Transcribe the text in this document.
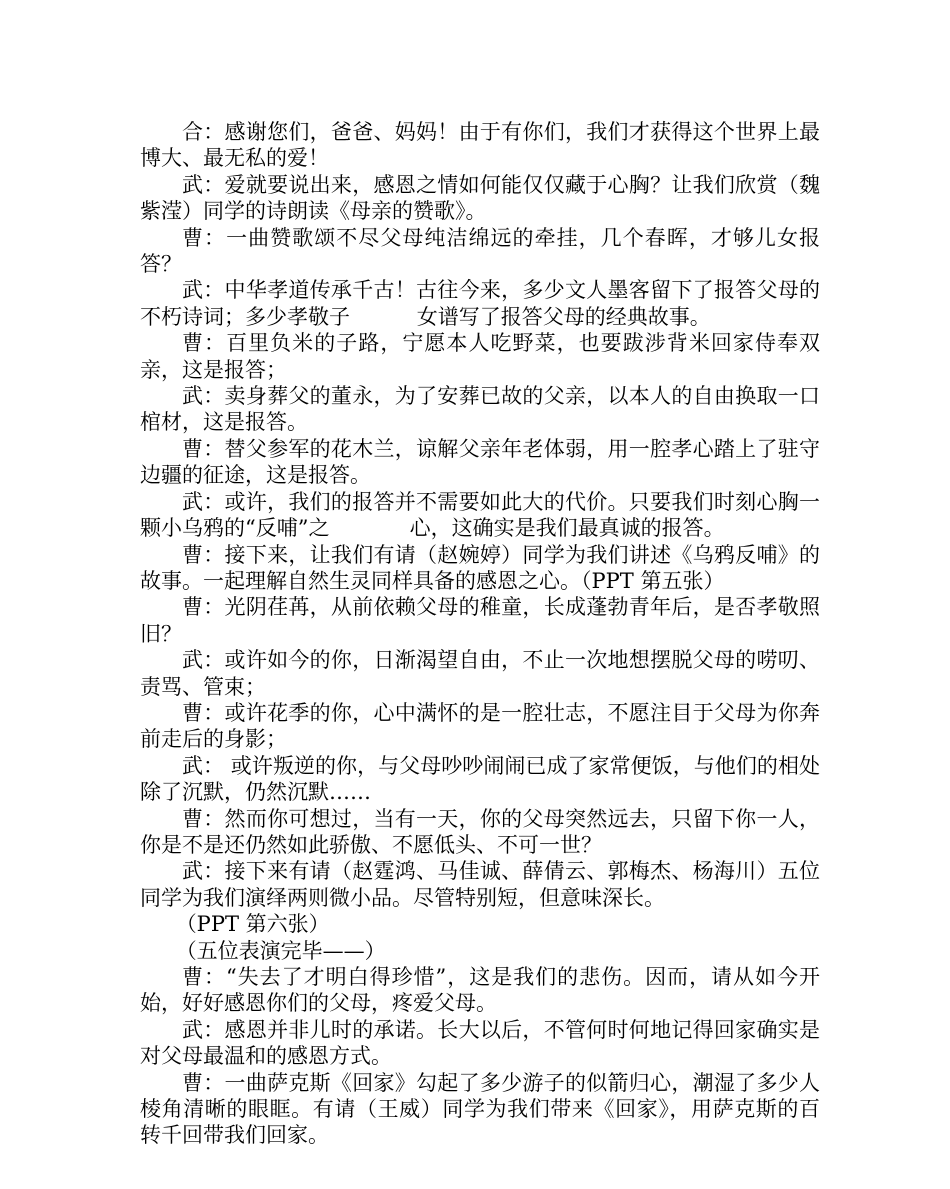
合：感谢您们，爸爸、妈妈！由于有你们，我们才获得这个世界上最博大、最无私的爱！

武：爱就要说出来，感恩之情如何能仅仅藏于心胸？让我们欣赏（魏紫滢）同学的诗朗读《母亲的赞歌》。

曹：一曲赞歌颂不尽父母纯洁绵远的牵挂，几个春晖，才够儿女报答？

武：中华孝道传承千古！古往今来，多少文人墨客留下了报答父母的不朽诗词；多少孝敬子          女谱写了报答父母的经典故事。

曹：百里负米的子路，宁愿本人吃野菜，也要跋涉背米回家侍奉双亲，这是报答；

武：卖身葬父的董永，为了安葬已故的父亲，以本人的自由换取一口棺材，这是报答。

曹：替父参军的花木兰，谅解父亲年老体弱，用一腔孝心踏上了驻守边疆的征途，这是报答。

武：或许，我们的报答并不需要如此大的代价。只要我们时刻心胸一颗小乌鸦的“反哺”之            心，这确实是我们最真诚的报答。

曹：接下来，让我们有请（赵婉婷）同学为我们讲述《乌鸦反哺》的故事。一起理解自然生灵同样具备的感恩之心。（PPT 第五张）

曹：光阴荏苒，从前依赖父母的稚童，长成蓬勃青年后，是否孝敬照旧？

武：或许如今的你，日渐渴望自由，不止一次地想摆脱父母的唠叨、责骂、管束；

曹：或许花季的你，心中满怀的是一腔壮志，不愿注目于父母为你奔前走后的身影；

武： 或许叛逆的你，与父母吵吵闹闹已成了家常便饭，与他们的相处除了沉默，仍然沉默……

曹：然而你可想过，当有一天，你的父母突然远去，只留下你一人，你是不是还仍然如此骄傲、不愿低头、不可一世？

武：接下来有请（赵霆鸿、马佳诚、薛倩云、郭梅杰、杨海川）五位同学为我们演绎两则微小品。尽管特别短，但意味深长。

（PPT 第六张）

（五位表演完毕——）

曹：“失去了才明白得珍惜”，这是我们的悲伤。因而，请从如今开始，好好感恩你们的父母，疼爱父母。

武：感恩并非儿时的承诺。长大以后，不管何时何地记得回家确实是对父母最温和的感恩方式。

曹：一曲萨克斯《回家》勾起了多少游子的似箭归心，潮湿了多少人棱角清晰的眼眶。有请（王威）同学为我们带来《回家》，用萨克斯的百转千回带我们回家。
